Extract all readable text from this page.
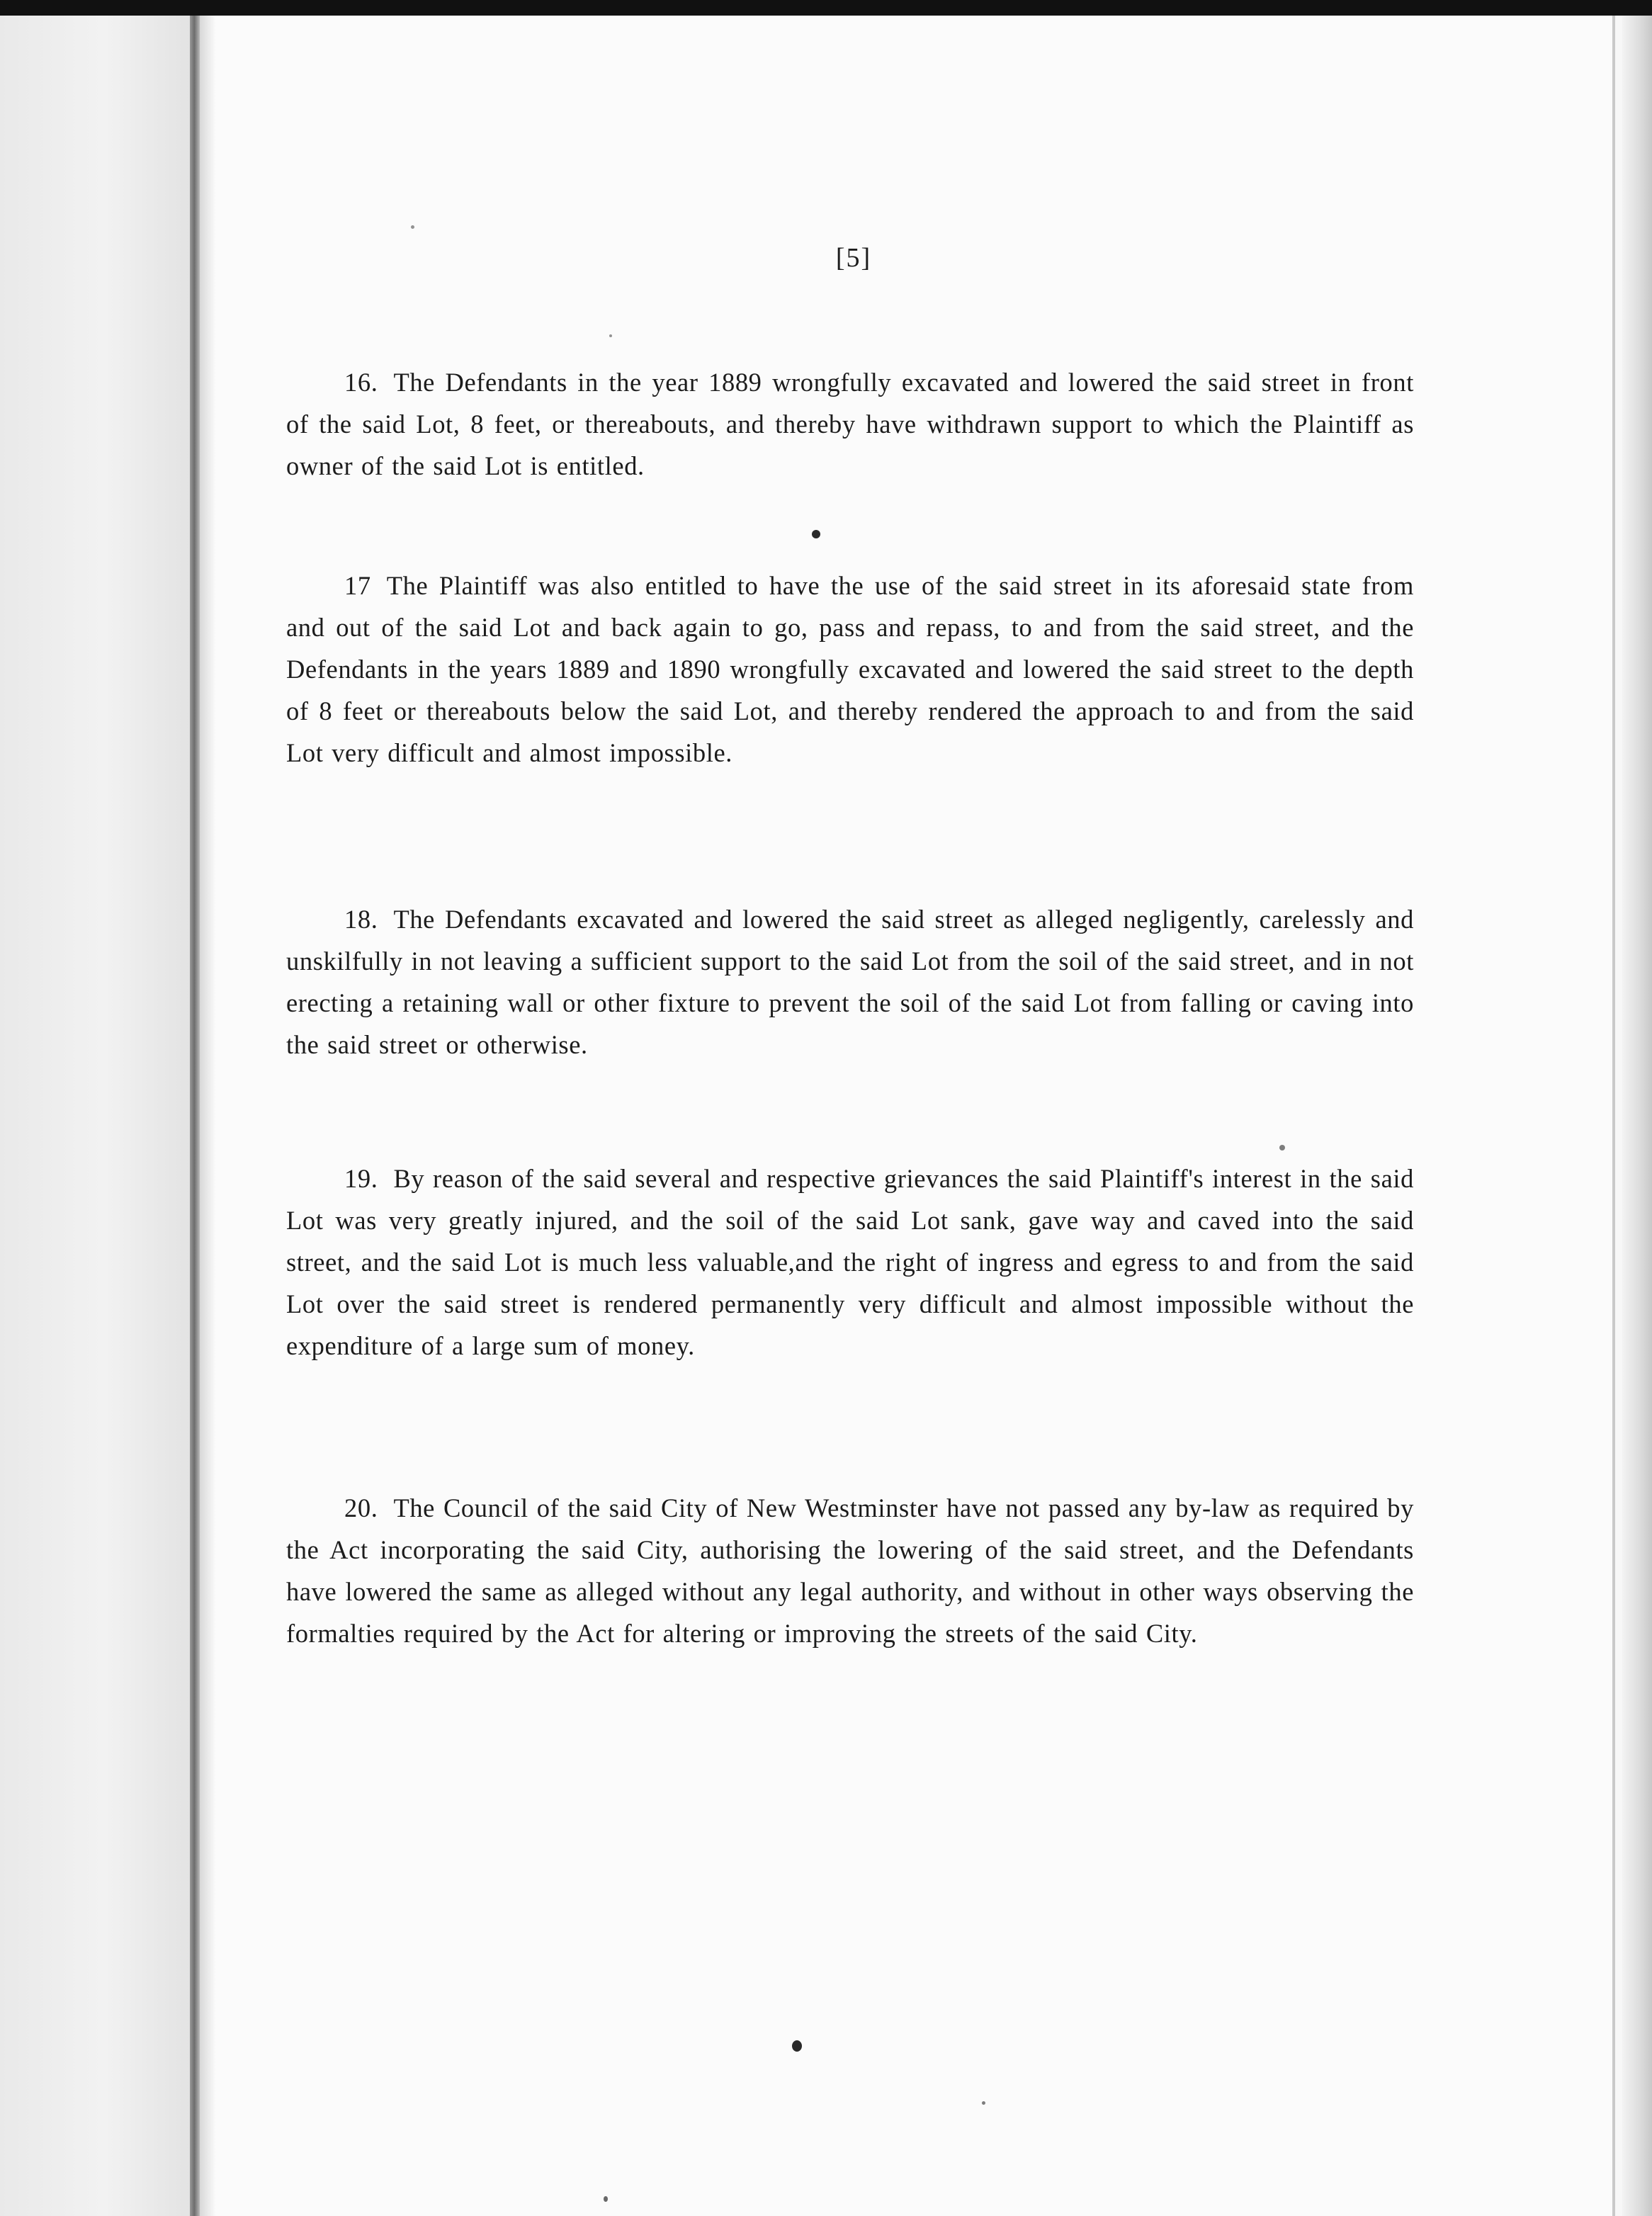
[5]
16. The Defendants in the year 1889 wrongfully excavated and lowered the said street in front of the said Lot, 8 feet, or thereabouts, and thereby have withdrawn support to which the Plaintiff as owner of the said Lot is entitled.
17 The Plaintiff was also entitled to have the use of the said street in its aforesaid state from and out of the said Lot and back again to go, pass and repass, to and from the said street, and the Defendants in the years 1889 and 1890 wrongfully excavated and lowered the said street to the depth of 8 feet or thereabouts below the said Lot, and thereby rendered the approach to and from the said Lot very difficult and almost impossible.
18. The Defendants excavated and lowered the said street as alleged negligently, carelessly and unskilfully in not leaving a sufficient support to the said Lot from the soil of the said street, and in not erecting a retaining wall or other fixture to prevent the soil of the said Lot from falling or caving into the said street or otherwise.
19. By reason of the said several and respective grievances the said Plaintiff's interest in the said Lot was very greatly injured, and the soil of the said Lot sank, gave way and caved into the said street, and the said Lot is much less valuable,and the right of ingress and egress to and from the said Lot over the said street is rendered permanently very difficult and almost impossible without the expenditure of a large sum of money.
20. The Council of the said City of New Westminster have not passed any by-law as required by the Act incorporating the said City, authorising the lowering of the said street, and the Defendants have lowered the same as alleged without any legal authority, and without in other ways observing the formalties required by the Act for altering or improving the streets of the said City.
